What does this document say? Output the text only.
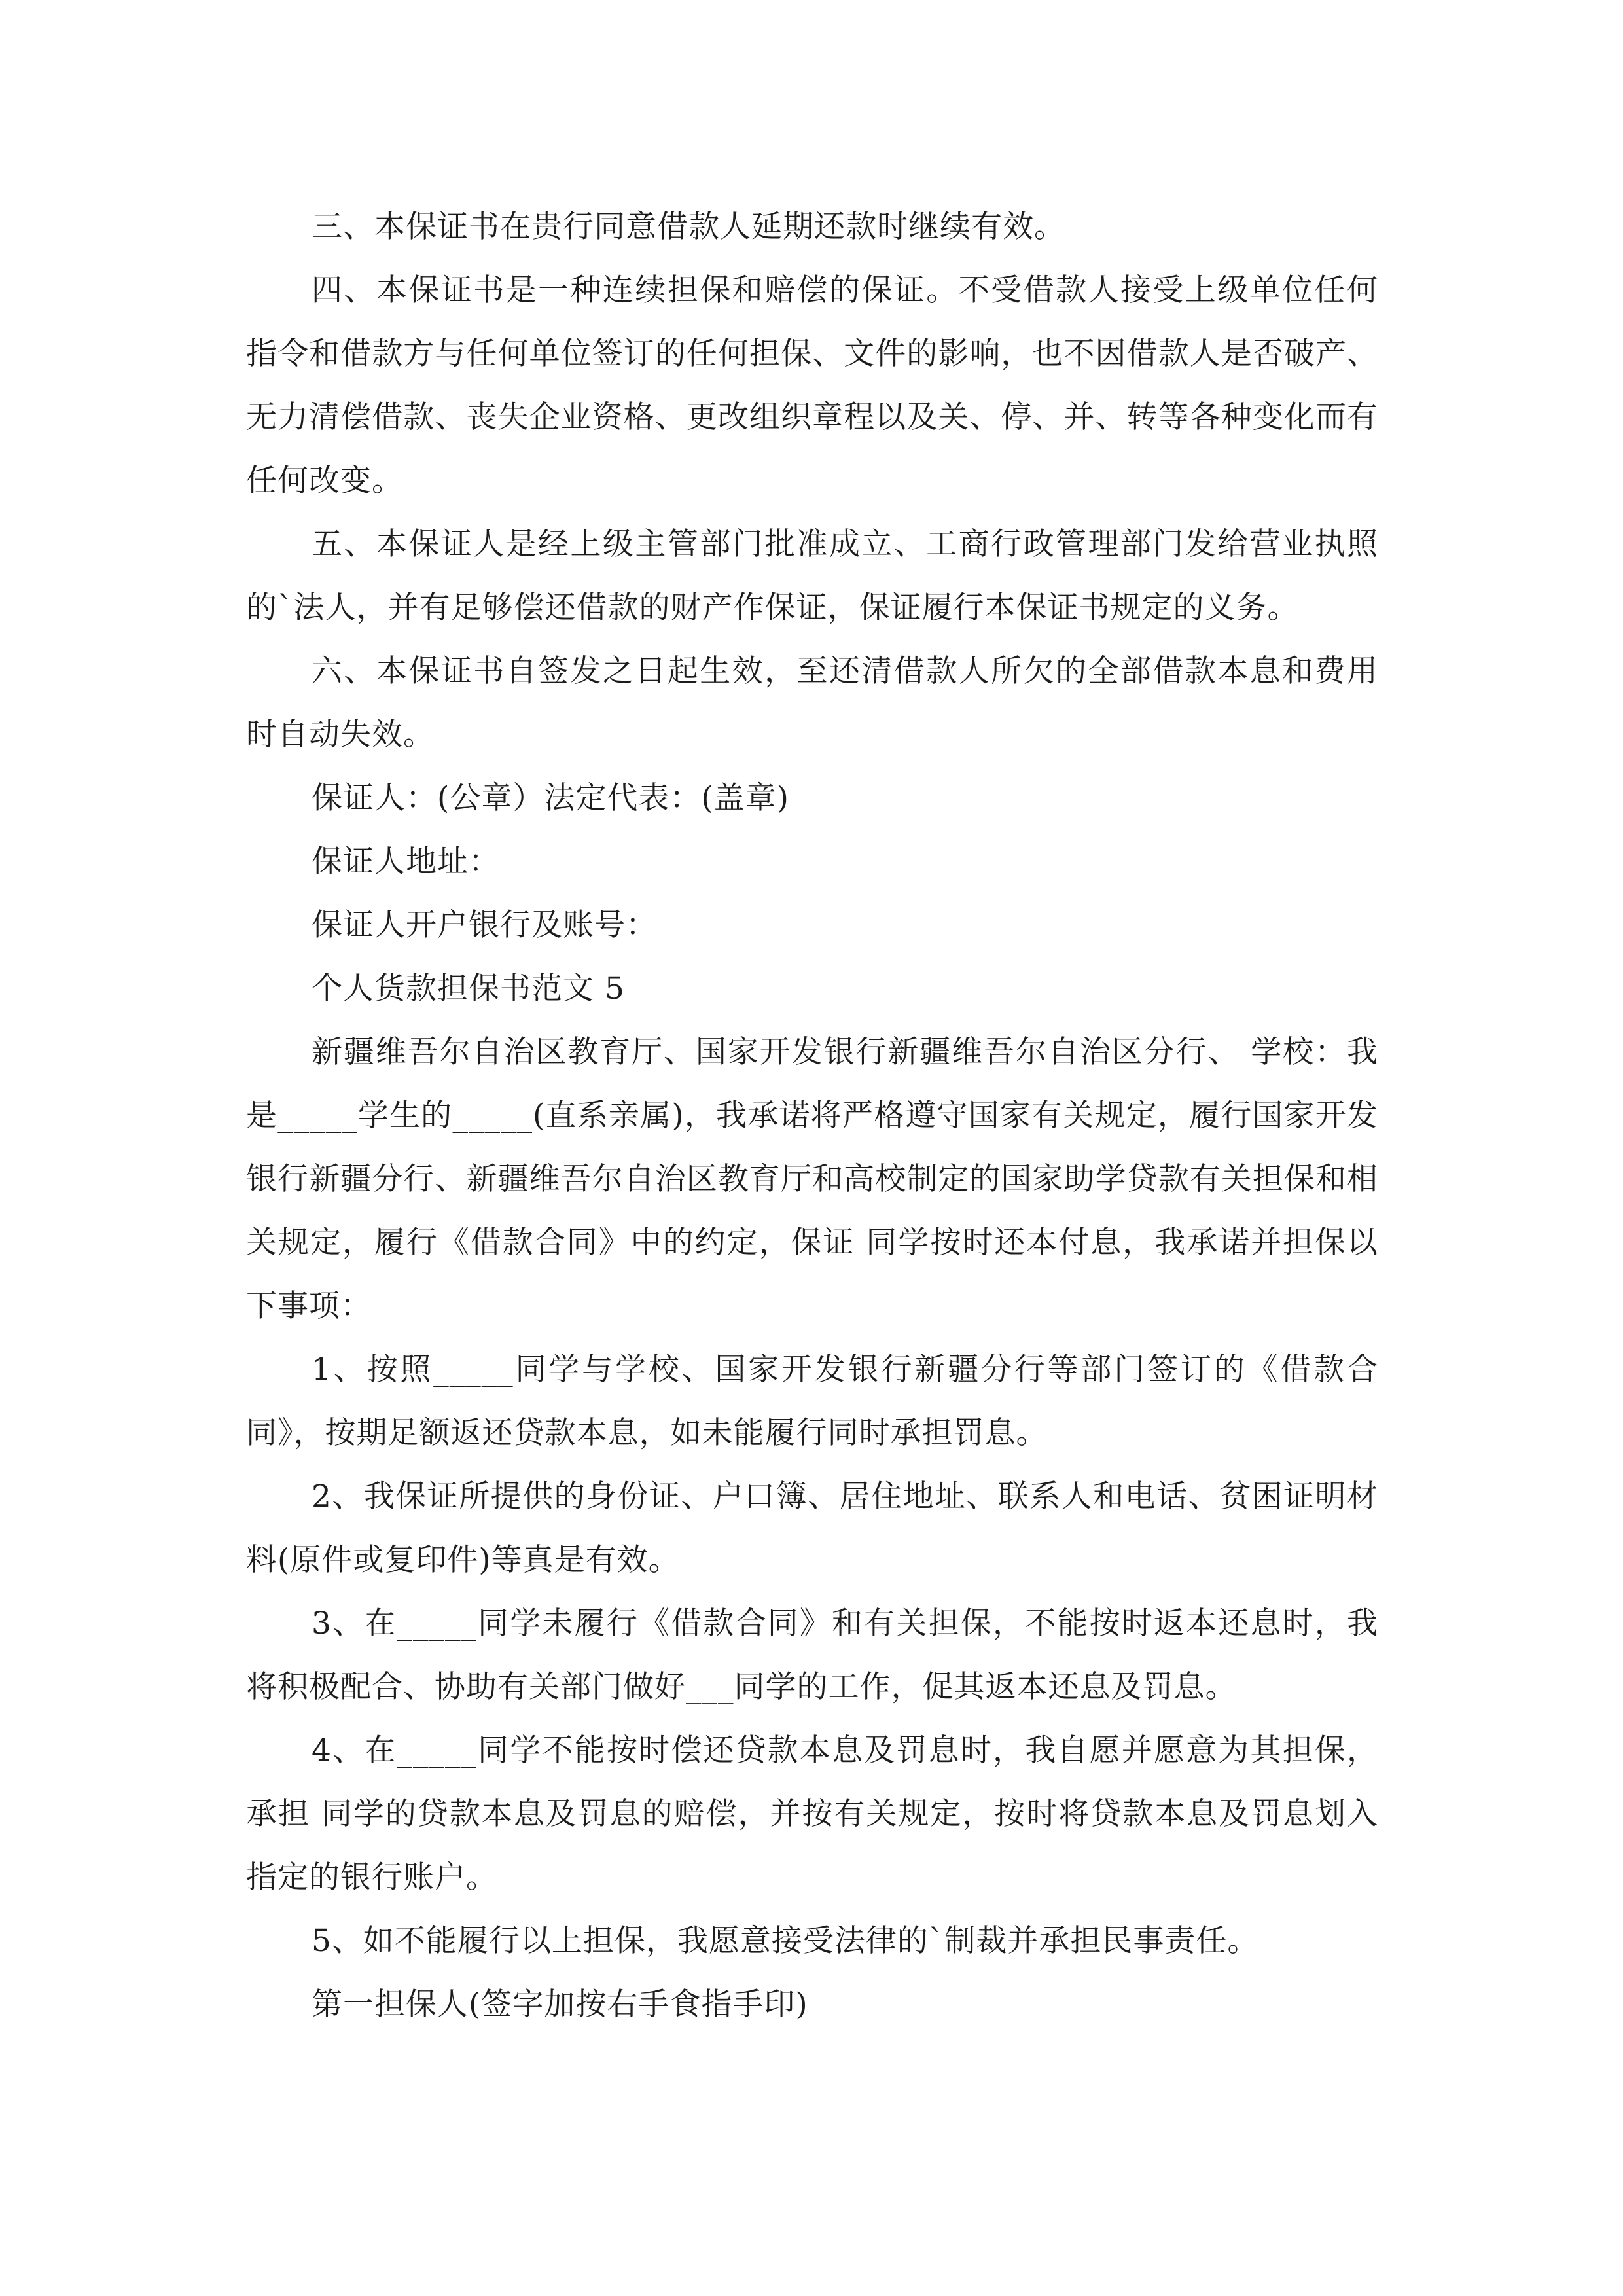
三、本保证书在贵行同意借款人延期还款时继续有效。

四、本保证书是一种连续担保和赔偿的保证。不受借款人接受上级单位任何指令和借款方与任何单位签订的任何担保、文件的影响，也不因借款人是否破产、无力清偿借款、丧失企业资格、更改组织章程以及关、停、并、转等各种变化而有任何改变。

五、本保证人是经上级主管部门批准成立、工商行政管理部门发给营业执照的`法人，并有足够偿还借款的财产作保证，保证履行本保证书规定的义务。

六、本保证书自签发之日起生效，至还清借款人所欠的全部借款本息和费用时自动失效。

保证人：(公章）法定代表：(盖章)

保证人地址：

保证人开户银行及账号：

个人货款担保书范文 5

新疆维吾尔自治区教育厅、国家开发银行新疆维吾尔自治区分行、 学校：我是_____学生的_____(直系亲属)，我承诺将严格遵守国家有关规定，履行国家开发银行新疆分行、新疆维吾尔自治区教育厅和高校制定的国家助学贷款有关担保和相关规定，履行《借款合同》中的约定，保证 同学按时还本付息，我承诺并担保以下事项：

1、按照_____同学与学校、国家开发银行新疆分行等部门签订的《借款合同》，按期足额返还贷款本息，如未能履行同时承担罚息。

2、我保证所提供的身份证、户口簿、居住地址、联系人和电话、贫困证明材料(原件或复印件)等真是有效。

3、在_____同学未履行《借款合同》和有关担保，不能按时返本还息时，我将积极配合、协助有关部门做好___同学的工作，促其返本还息及罚息。

4、在_____同学不能按时偿还贷款本息及罚息时，我自愿并愿意为其担保，承担 同学的贷款本息及罚息的赔偿，并按有关规定，按时将贷款本息及罚息划入指定的银行账户。

5、如不能履行以上担保，我愿意接受法律的`制裁并承担民事责任。

第一担保人(签字加按右手食指手印)
